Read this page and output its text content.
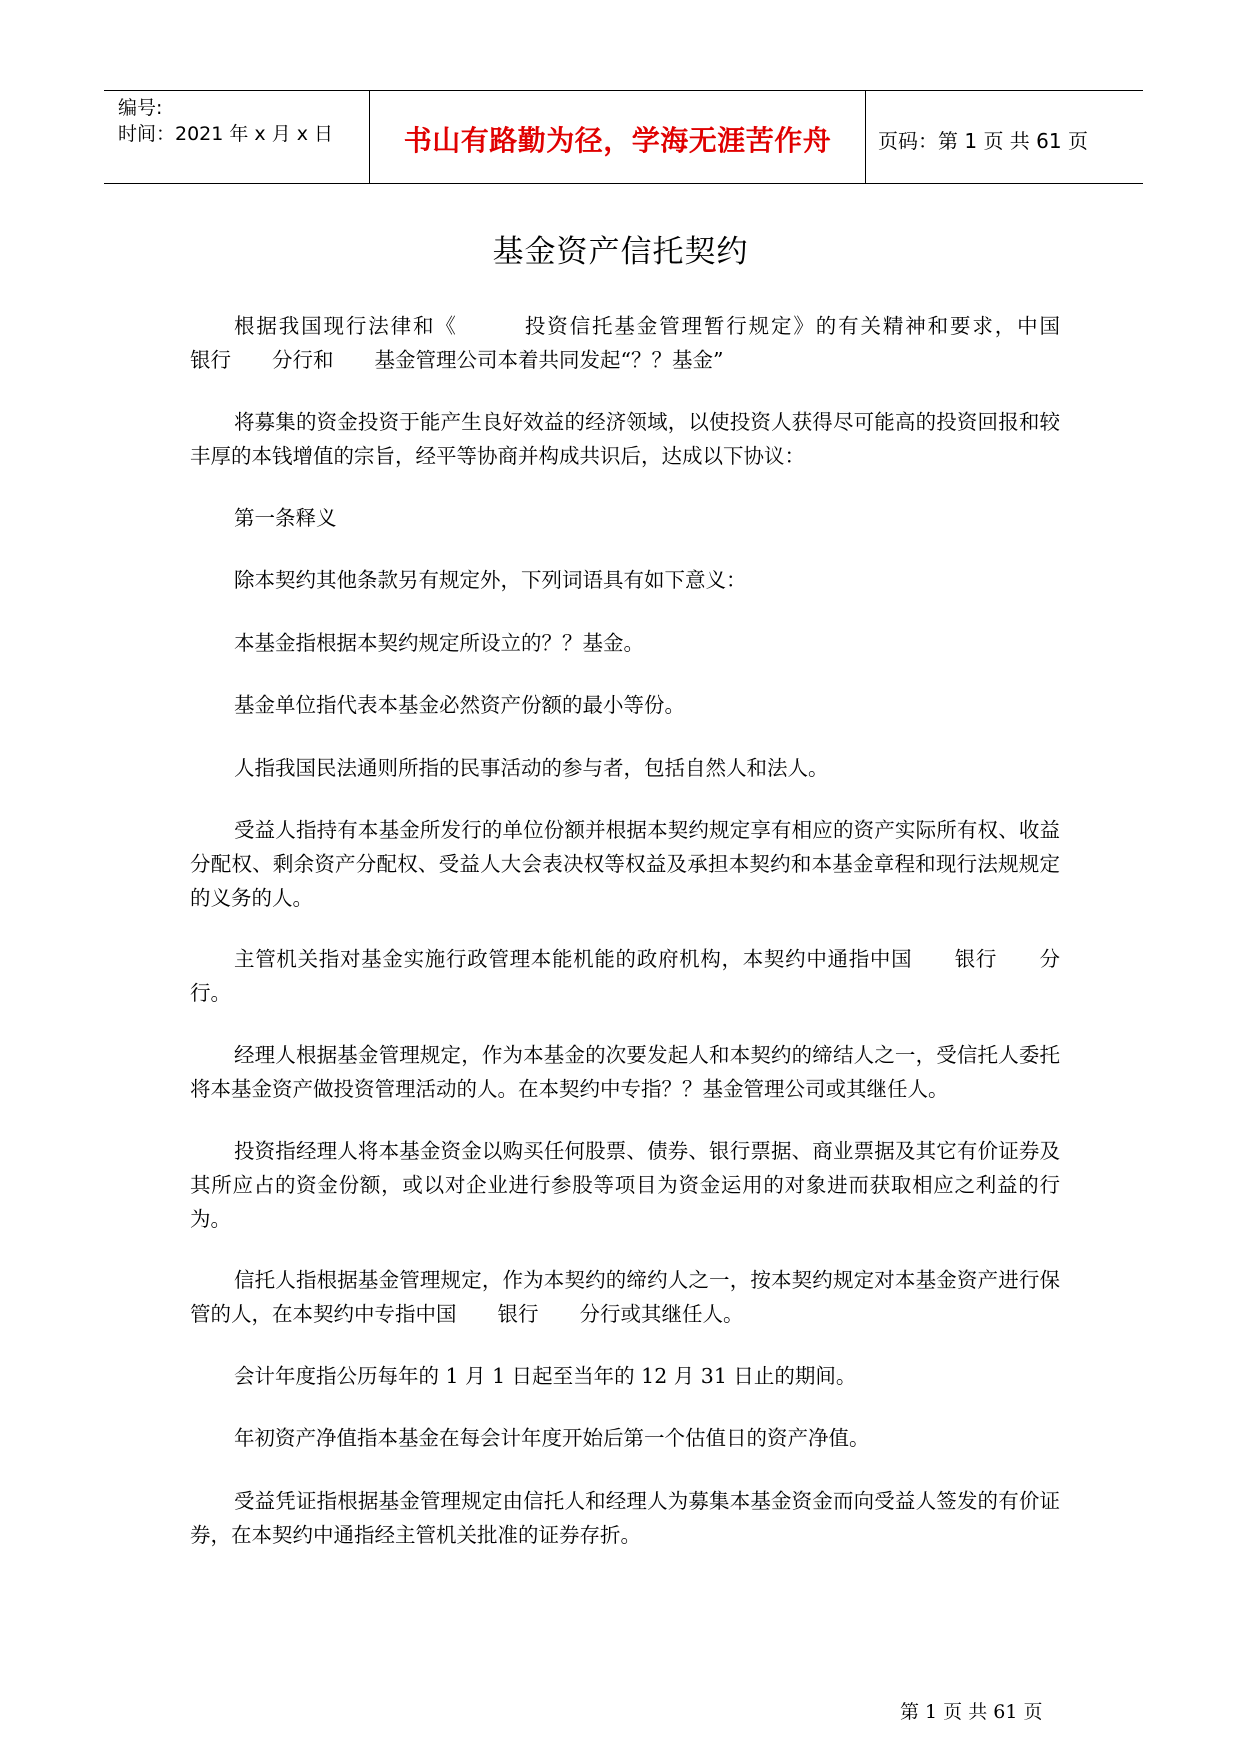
编号:
时间：2021 年 x 月 x 日	书山有路勤为径，学海无涯苦作舟	页码：第 1 页 共 61 页
基金资产信托契约

根据我国现行法律和《　　　投资信托基金管理暂行规定》的有关精神和要求，中国　　　银行　　分行和　　基金管理公司本着共同发起“？？基金”

将募集的资金投资于能产生良好效益的经济领域，以使投资人获得尽可能高的投资回报和较丰厚的本钱增值的宗旨，经平等协商并构成共识后，达成以下协议：

第一条释义

除本契约其他条款另有规定外，下列词语具有如下意义：

本基金指根据本契约规定所设立的？？基金。

基金单位指代表本基金必然资产份额的最小等份。

人指我国民法通则所指的民事活动的参与者，包括自然人和法人。

受益人指持有本基金所发行的单位份额并根据本契约规定享有相应的资产实际所有权、收益分配权、剩余资产分配权、受益人大会表决权等权益及承担本契约和本基金章程和现行法规规定的义务的人。

主管机关指对基金实施行政管理本能机能的政府机构，本契约中通指中国　　银行　　分行。

经理人根据基金管理规定，作为本基金的次要发起人和本契约的缔结人之一，受信托人委托将本基金资产做投资管理活动的人。在本契约中专指？？基金管理公司或其继任人。

投资指经理人将本基金资金以购买任何股票、债券、银行票据、商业票据及其它有价证券及其所应占的资金份额，或以对企业进行参股等项目为资金运用的对象进而获取相应之利益的行为。

信托人指根据基金管理规定，作为本契约的缔约人之一，按本契约规定对本基金资产进行保管的人，在本契约中专指中国　　银行　　分行或其继任人。

会计年度指公历每年的 1 月 1 日起至当年的 12 月 31 日止的期间。

年初资产净值指本基金在每会计年度开始后第一个估值日的资产净值。

受益凭证指根据基金管理规定由信托人和经理人为募集本基金资金而向受益人签发的有价证券，在本契约中通指经主管机关批准的证券存折。

第 1 页 共 61 页
